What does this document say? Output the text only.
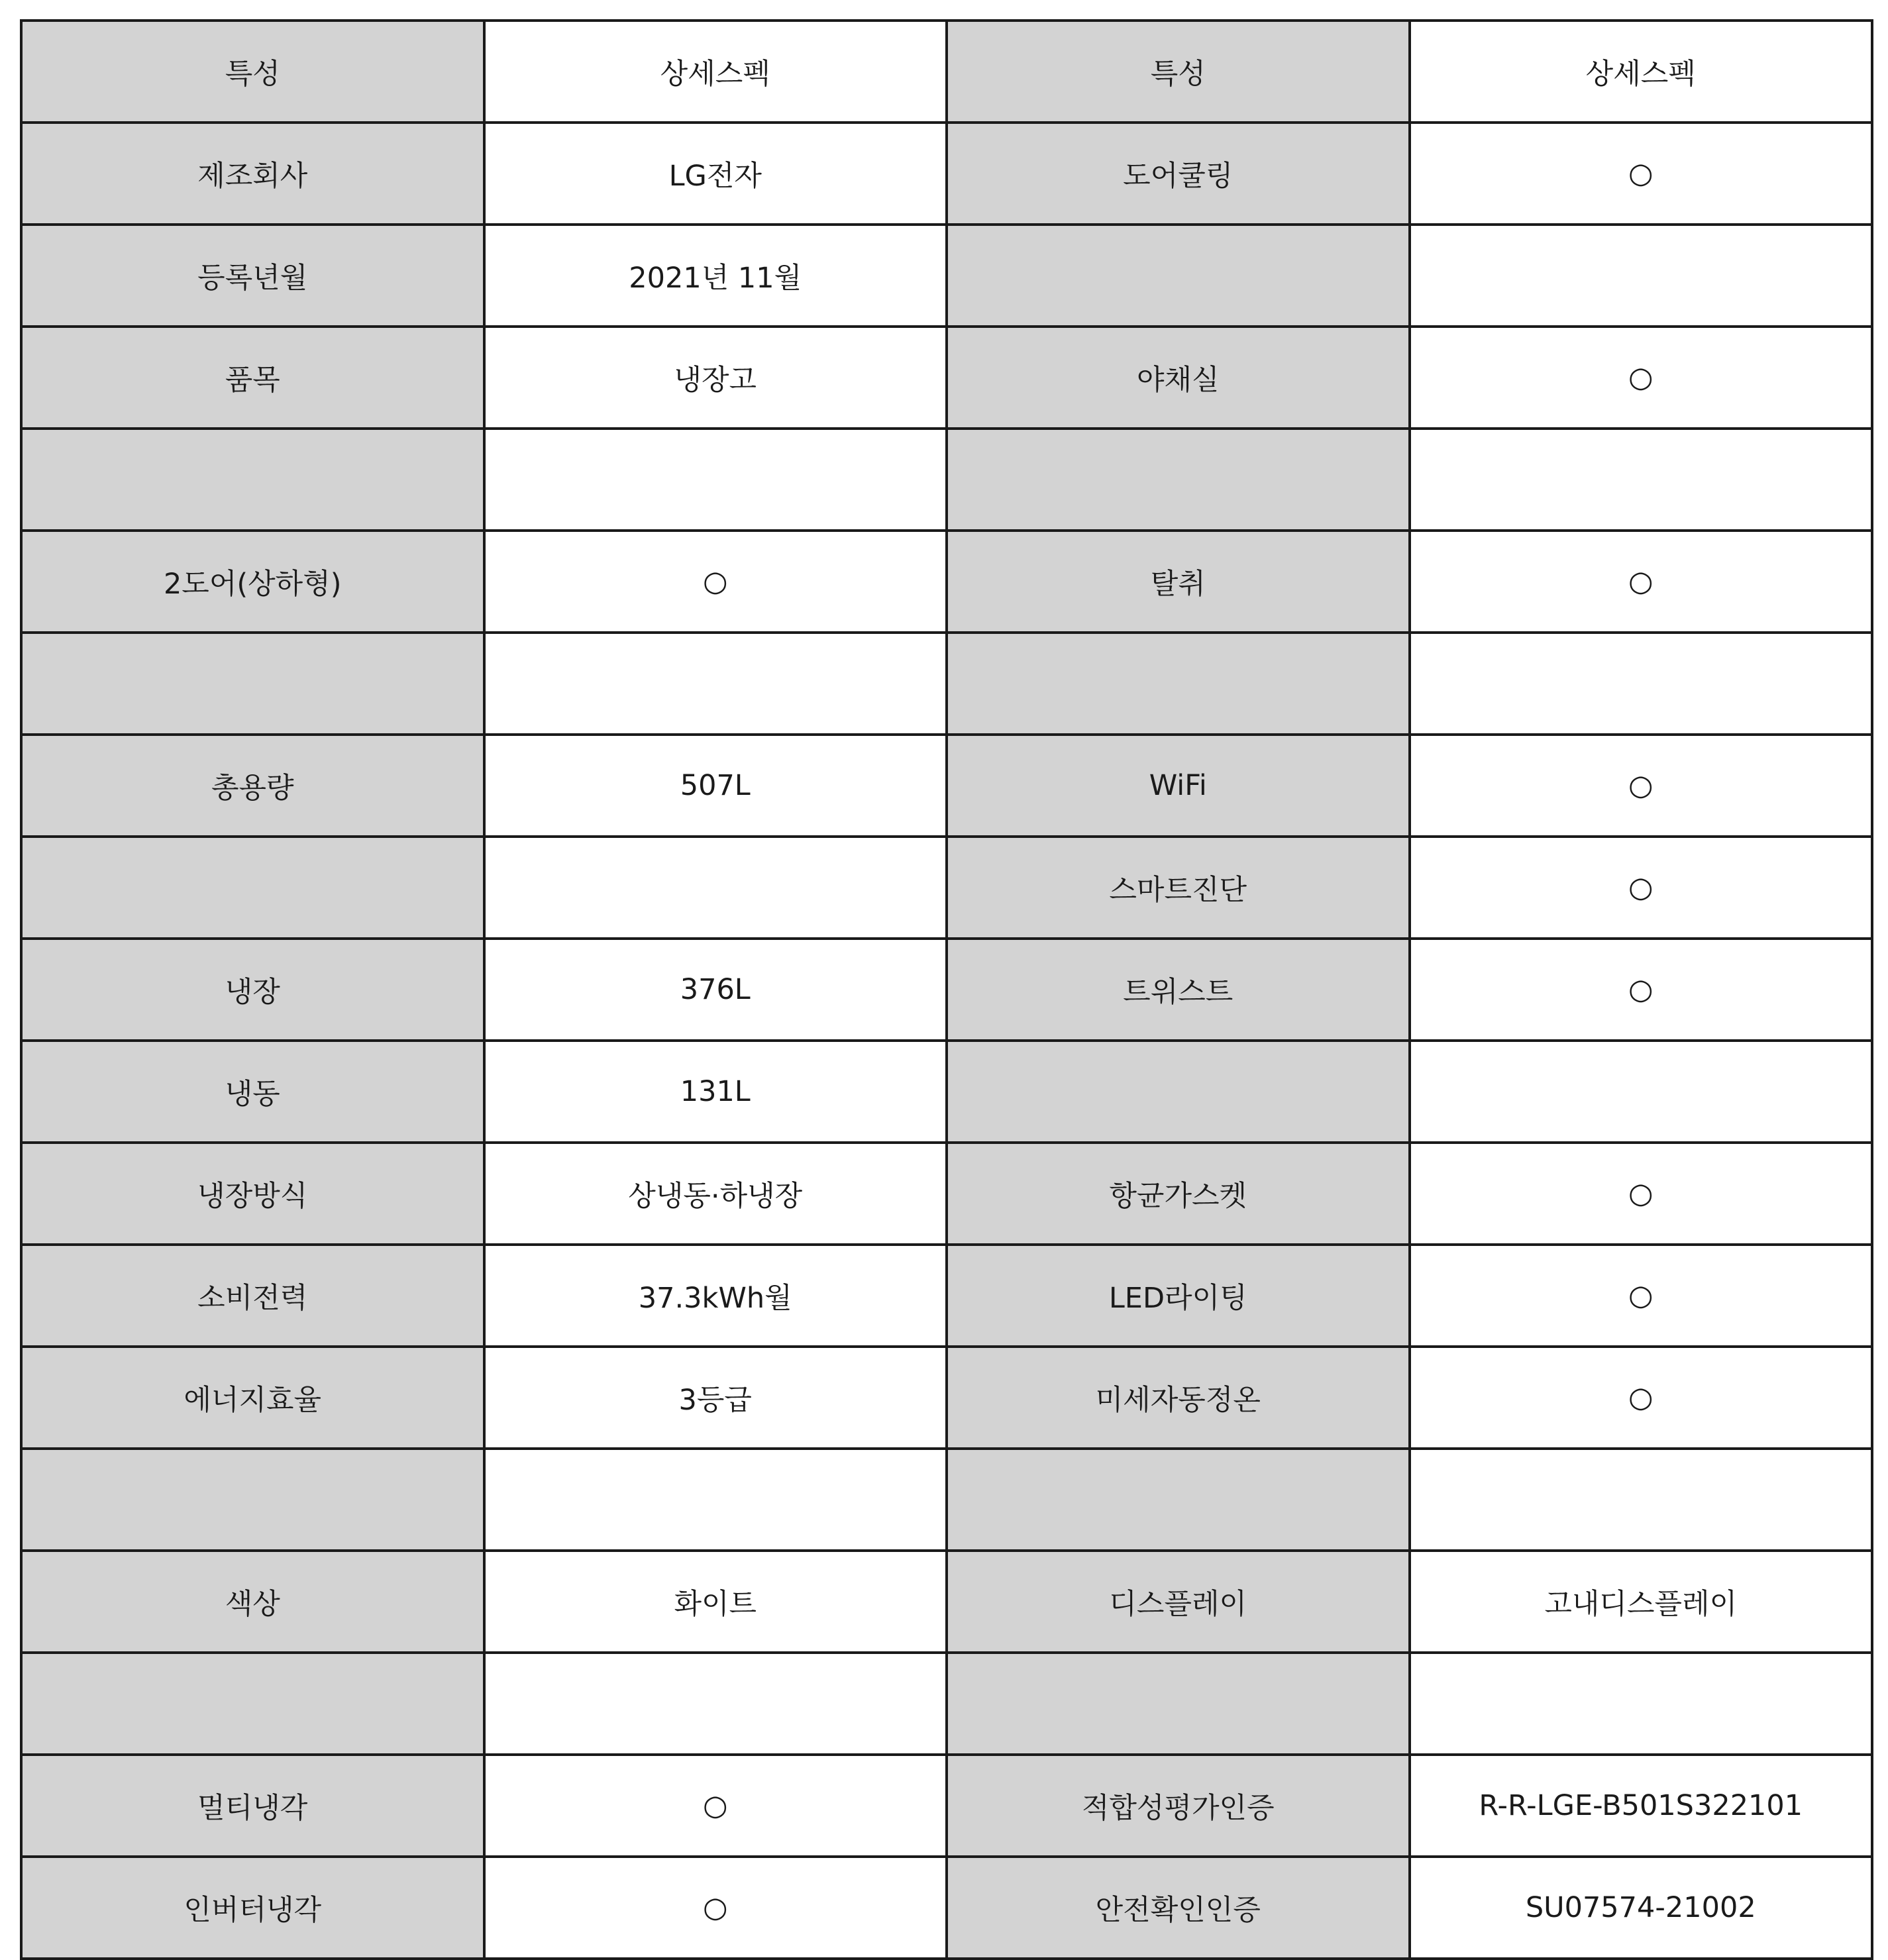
특성	상세스펙	특성	상세스펙
제조회사	LG전자	도어쿨링	○
등록년월	2021년 11월		
품목	냉장고	야채실	○

2도어(상하형)	○	탈취	○

총용량	507L	WiFi	○
		스마트진단	○
냉장	376L	트위스트	○
냉동	131L		
냉장방식	상냉동·하냉장	항균가스켓	○
소비전력	37.3kWh월	LED라이팅	○
에너지효율	3등급	미세자동정온	○

색상	화이트	디스플레이	고내디스플레이

멀티냉각	○	적합성평가인증	R-R-LGE-B501S322101
인버터냉각	○	안전확인인증	SU07574-21002
